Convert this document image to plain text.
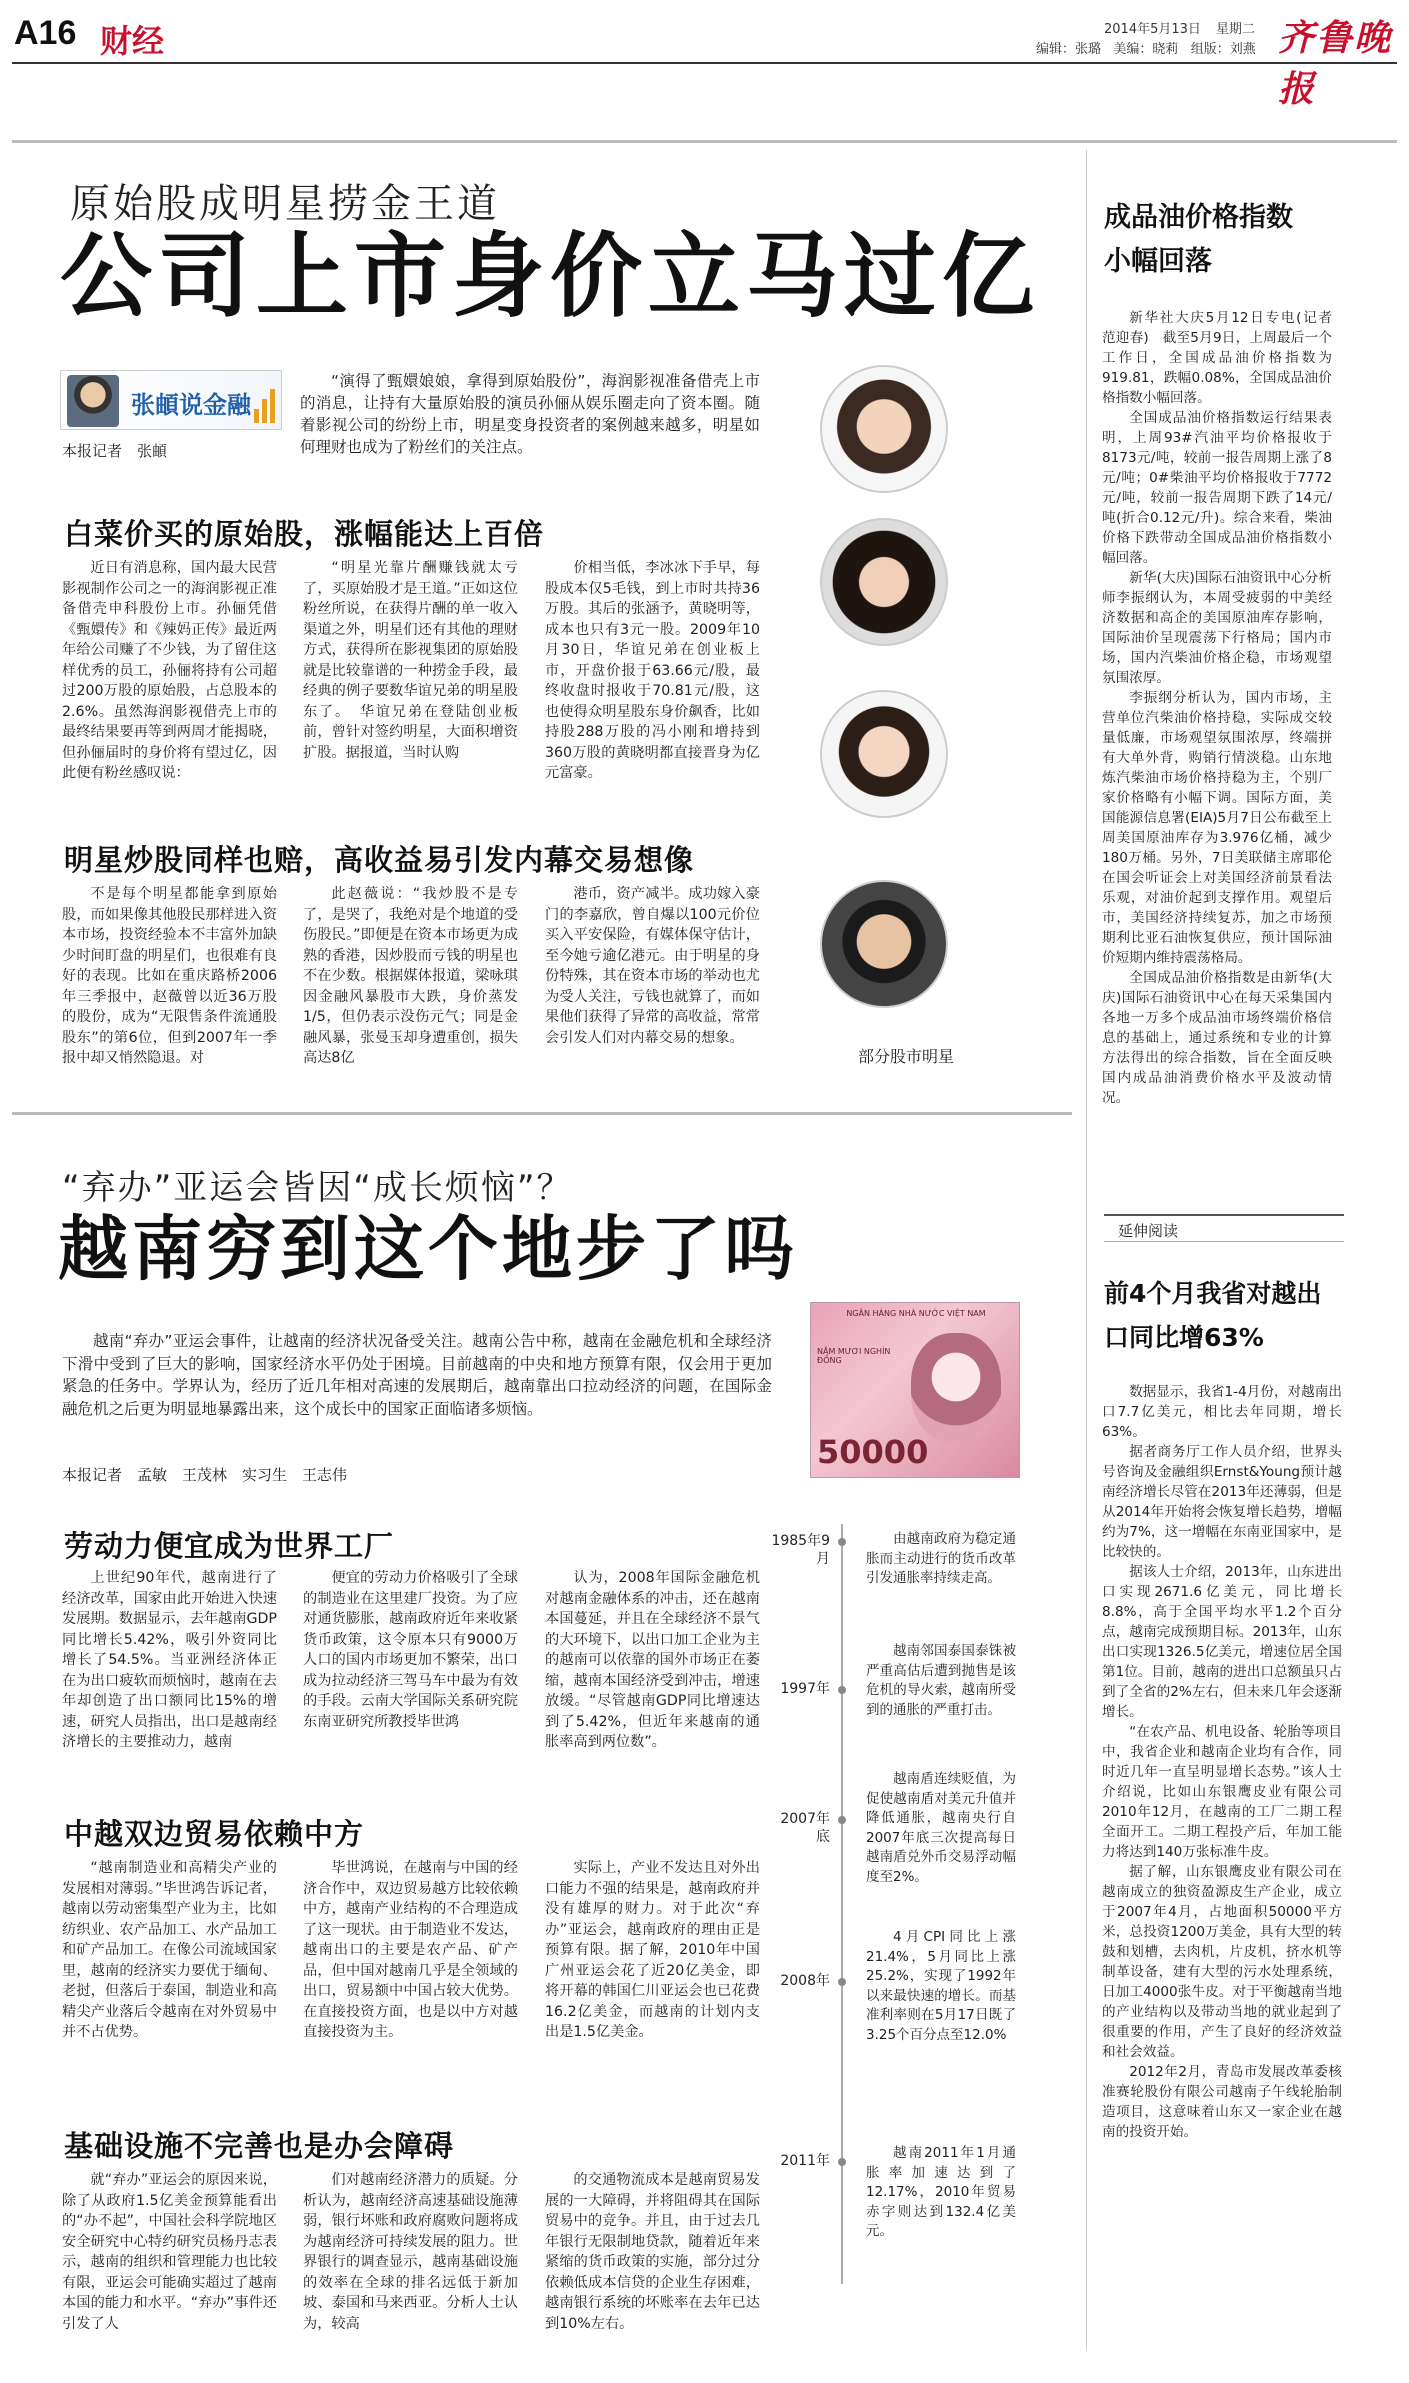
A16 财经	2014年5月13日 星期二
编辑：张璐   美编：晓莉   组版：刘燕 齐鲁晚报
原始股成明星捞金王道
公司上市身价立马过亿
张頔说金融
本报记者　张頔
“演得了甄嬛娘娘，拿得到原始股份”，海润影视准备借壳上市的消息，让持有大量原始股的演员孙俪从娱乐圈走向了资本圈。随着影视公司的纷纷上市，明星变身投资者的案例越来越多，明星如何理财也成为了粉丝们的关注点。
部分股市明星
白菜价买的原始股，涨幅能达上百倍
近日有消息称，国内最大民营影视制作公司之一的海润影视正准备借壳申科股份上市。孙俪凭借《甄嬛传》和《辣妈正传》最近两年给公司赚了不少钱，为了留住这样优秀的员工，孙俪将持有公司超过200万股的原始股，占总股本的2.6%。虽然海润影视借壳上市的最终结果要再等到两周才能揭晓，但孙俪届时的身价将有望过亿，因此便有粉丝感叹说：
“明星光靠片酬赚钱就太亏了，买原始股才是王道。”正如这位粉丝所说，在获得片酬的单一收入渠道之外，明星们还有其他的理财方式，获得所在影视集团的原始股就是比较靠谱的一种捞金手段，最经典的例子要数华谊兄弟的明星股东了。　华谊兄弟在登陆创业板前，曾针对签约明星，大面积增资扩股。据报道，当时认购
价相当低，李冰冰下手早，每股成本仅5毛钱，到上市时共持36万股。其后的张涵予，黄晓明等，成本也只有3元一股。2009年10月30日，华谊兄弟在创业板上市，开盘价报于63.66元/股，最终收盘时报收于70.81元/股，这也使得众明星股东身价飙香，比如持股288万股的冯小刚和增持到360万股的黄晓明都直接晋身为亿元富豪。
明星炒股同样也赔，高收益易引发内幕交易想像
不是每个明星都能拿到原始股，而如果像其他股民那样进入资本市场，投资经验本不丰富外加缺少时间盯盘的明星们，也很难有良好的表现。比如在重庆路桥2006年三季报中，赵薇曾以近36万股的股份，成为“无限售条件流通股股东”的第6位，但到2007年一季报中却又悄然隐退。对
此赵薇说：“我炒股不是专了，是哭了，我绝对是个地道的受伤股民。”即便是在资本市场更为成熟的香港，因炒股而亏钱的明星也不在少数。根据媒体报道，梁咏琪因金融风暴股市大跌，身价蒸发1/5，但仍表示没伤元气；同是金融风暴，张曼玉却身遭重创，损失高达8亿
港币，资产减半。成功嫁入豪门的李嘉欣，曾自爆以100元价位买入平安保险，有媒体保守估计，至今她亏逾亿港元。由于明星的身份特殊，其在资本市场的举动也尤为受人关注，亏钱也就算了，而如果他们获得了异常的高收益，常常会引发人们对内幕交易的想象。
“弃办”亚运会皆因“成长烦恼”？
越南穷到这个地步了吗
越南“弃办”亚运会事件，让越南的经济状况备受关注。越南公告中称，越南在金融危机和全球经济下滑中受到了巨大的影响，国家经济水平仍处于困境。目前越南的中央和地方预算有限，仅会用于更加紧急的任务中。学界认为，经历了近几年相对高速的发展期后，越南靠出口拉动经济的问题，在国际金融危机之后更为明显地暴露出来，这个成长中的国家正面临诸多烦恼。
本报记者　孟敏　王茂林　实习生　王志伟
NGÂN HÀNG NHÀ NƯỚC VIỆT NAM
NĂM MƯƠI NGHÌN ĐỒNG
50000
劳动力便宜成为世界工厂
上世纪90年代，越南进行了经济改革，国家由此开始进入快速发展期。数据显示，去年越南GDP同比增长5.42%，吸引外资同比增长了54.5%。当亚洲经济体正在为出口疲软而烦恼时，越南在去年却创造了出口额同比15%的增速，研究人员指出，出口是越南经济增长的主要推动力，越南
便宜的劳动力价格吸引了全球的制造业在这里建厂投资。为了应对通货膨胀，越南政府近年来收紧货币政策，这令原本只有9000万人口的国内市场更加不繁荣，出口成为拉动经济三驾马车中最为有效的手段。云南大学国际关系研究院东南亚研究所教授毕世鸿
认为，2008年国际金融危机对越南金融体系的冲击，还在越南本国蔓延，并且在全球经济不景气的大环境下，以出口加工企业为主的越南可以依靠的国外市场正在萎缩，越南本国经济受到冲击，增速放缓。“尽管越南GDP同比增速达到了5.42%，但近年来越南的通胀率高到两位数”。
中越双边贸易依赖中方
“越南制造业和高精尖产业的发展相对薄弱。”毕世鸿告诉记者，越南以劳动密集型产业为主，比如纺织业、农产品加工、水产品加工和矿产品加工。在像公司流域国家里，越南的经济实力要优于缅甸、老挝，但落后于泰国，制造业和高精尖产业落后令越南在对外贸易中并不占优势。
毕世鸿说，在越南与中国的经济合作中，双边贸易越方比较依赖中方，越南产业结构的不合理造成了这一现状。由于制造业不发达，越南出口的主要是农产品、矿产品，但中国对越南几乎是全领域的出口，贸易额中中国占较大优势。在直接投资方面，也是以中方对越直接投资为主。
实际上，产业不发达且对外出口能力不强的结果是，越南政府并没有雄厚的财力。对于此次“弃办”亚运会，越南政府的理由正是预算有限。据了解，2010年中国广州亚运会花了近20亿美金，即将开幕的韩国仁川亚运会也已花费16.2亿美金，而越南的计划内支出是1.5亿美金。
基础设施不完善也是办会障碍
就“弃办”亚运会的原因来说，除了从政府1.5亿美金预算能看出的“办不起”，中国社会科学院地区安全研究中心特约研究员杨丹志表示，越南的组织和管理能力也比较有限，亚运会可能确实超过了越南本国的能力和水平。“弃办”事件还引发了人
们对越南经济潜力的质疑。分析认为，越南经济高速基础设施薄弱，银行坏账和政府腐败问题将成为越南经济可持续发展的阻力。世界银行的调查显示，越南基础设施的效率在全球的排名远低于新加坡、泰国和马来西亚。分析人士认为，较高
的交通物流成本是越南贸易发展的一大障碍，并将阻碍其在国际贸易中的竞争。并且，由于过去几年银行无限制地贷款，随着近年来紧缩的货币政策的实施，部分过分依赖低成本信贷的企业生存困难，越南银行系统的坏账率在去年已达到10%左右。
1985年9月
由越南政府为稳定通胀而主动进行的货币改革引发通胀率持续走高。
1997年
越南邻国泰国泰铢被严重高估后遭到抛售是该危机的导火索，越南所受到的通胀的严重打击。
2007年底
越南盾连续贬值，为促使越南盾对美元升值并降低通胀，越南央行自2007年底三次提高每日越南盾兑外币交易浮动幅度至2%。
2008年
4月CPI同比上涨21.4%，5月同比上涨25.2%，实现了1992年以来最快速的增长。而基准利率则在5月17日既了3.25个百分点至12.0%
2011年	越南2011年1月通胀率加速达到了12.17%，2010年贸易赤字则达到132.4亿美元。
成品油价格指数小幅回落

新华社大庆5月12日专电(记者　范迎春)　截至5月9日，上周最后一个工作日，全国成品油价格指数为919.81，跌幅0.08%，全国成品油价格指数小幅回落。

全国成品油价格指数运行结果表明，上周93#汽油平均价格报收于8173元/吨，较前一报告周期上涨了8元/吨；0#柴油平均价格报收于7772元/吨，较前一报告周期下跌了14元/吨(折合0.12元/升)。综合来看，柴油价格下跌带动全国成品油价格指数小幅回落。

新华(大庆)国际石油资讯中心分析师李振纲认为，本周受疲弱的中美经济数据和高企的美国原油库存影响，国际油价呈现震荡下行格局；国内市场，国内汽柴油价格企稳，市场观望氛围浓厚。

李振纲分析认为，国内市场，主营单位汽柴油价格持稳，实际成交较量低廉，市场观望氛围浓厚，终端拼有大单外背，购销行情淡稳。山东地炼汽柴油市场价格持稳为主，个别厂家价格略有小幅下调。国际方面，美国能源信息署(EIA)5月7日公布截至上周美国原油库存为3.976亿桶，减少180万桶。另外，7日美联储主席耶伦在国会听证会上对美国经济前景看法乐观，对油价起到支撑作用。观望后市，美国经济持续复苏，加之市场预期利比亚石油恢复供应，预计国际油价短期内维持震荡格局。

全国成品油价格指数是由新华(大庆)国际石油资讯中心在每天采集国内各地一万多个成品油市场终端价格信息的基础上，通过系统和专业的计算方法得出的综合指数，旨在全面反映国内成品油消费价格水平及波动情况。

延伸阅读
前4个月我省对越出口同比增63%

数据显示，我省1-4月份，对越南出口7.7亿美元，相比去年同期，增长63%。

据者商务厅工作人员介绍，世界头号咨询及金融组织Ernst&Young预计越南经济增长尽管在2013年还薄弱，但是从2014年开始将会恢复增长趋势，增幅约为7%，这一增幅在东南亚国家中，是比较快的。

据该人士介绍，2013年，山东进出口实现2671.6亿美元，同比增长8.8%，高于全国平均水平1.2个百分点，越南完成预期目标。2013年，山东出口实现1326.5亿美元，增速位居全国第1位。目前，越南的进出口总额虽只占到了全省的2%左右，但未来几年会逐渐增长。

“在农产品、机电设备、轮胎等项目中，我省企业和越南企业均有合作，同时近几年一直呈明显增长态势。”该人士介绍说，比如山东银鹰皮业有限公司2010年12月，在越南的工厂二期工程全面开工。二期工程投产后，年加工能力将达到140万张标准牛皮。

据了解，山东银鹰皮业有限公司在越南成立的独资盈源皮生产企业，成立于2007年4月，占地面积50000平方米，总投资1200万美金，具有大型的转鼓和划槽，去肉机，片皮机，挤水机等制革设备，建有大型的污水处理系统，日加工4000张牛皮。对于平衡越南当地的产业结构以及带动当地的就业起到了很重要的作用，产生了良好的经济效益和社会效益。

2012年2月，青岛市发展改革委核准赛轮股份有限公司越南子午线轮胎制造项目，这意味着山东又一家企业在越南的投资开始。
